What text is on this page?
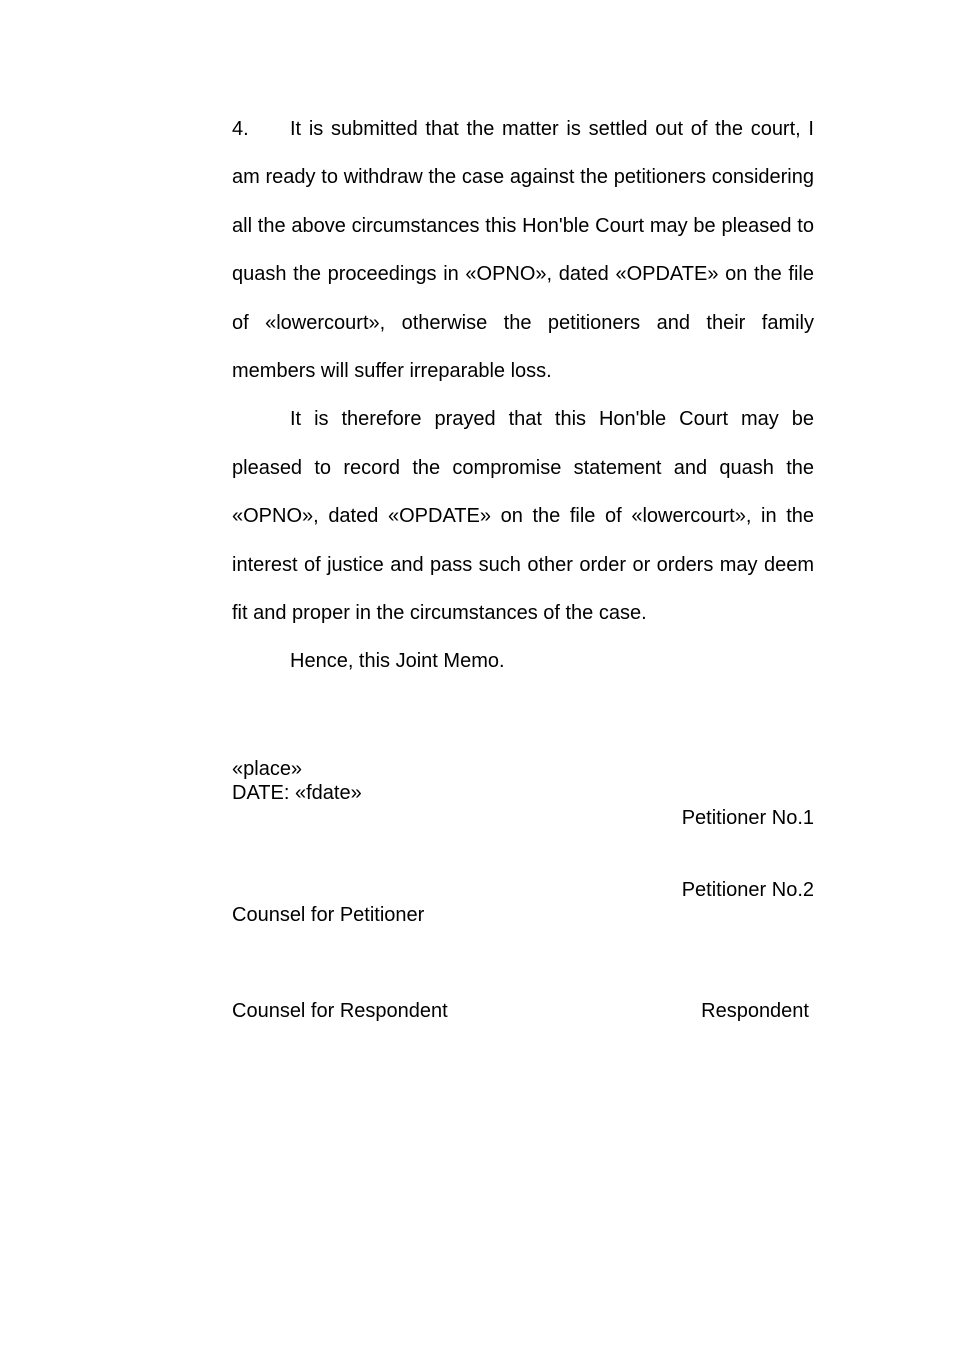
4. It is submitted that the matter is settled out of the court, I am ready to withdraw the case against the petitioners considering all the above circumstances this Hon'ble Court may be pleased to quash the proceedings in «OPNO», dated «OPDATE» on the file of «lowercourt», otherwise the petitioners and their family members will suffer irreparable loss.

It is therefore prayed that this Hon'ble Court may be pleased to record the compromise statement and quash the «OPNO», dated «OPDATE» on the file of «lowercourt», in the interest of justice and pass such other order or orders may deem fit and proper in the circumstances of the case.

Hence, this Joint Memo.

«place»
DATE: «fdate»
Petitioner No.1
Petitioner No.2
Counsel for Petitioner
Counsel for Respondent	Respondent
